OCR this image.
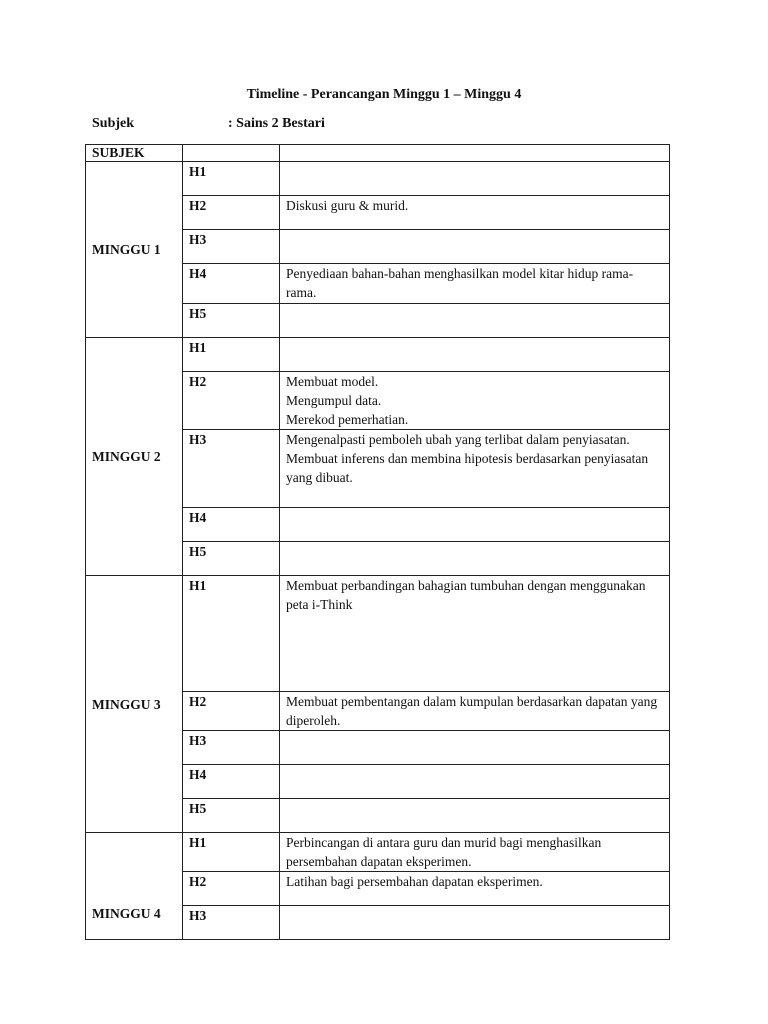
Timeline - Perancangan Minggu 1 – Minggu 4
Subjek	: Sains 2 Bestari
SUBJEK		
MINGGU 1	H1	
	H2	Diskusi guru & murid.
	H3	
	H4	Penyediaan bahan-bahan menghasilkan model kitar hidup rama-rama.
	H5	
MINGGU 2	H1	
	H2	Membuat model.
Mengumpul data.
Merekod pemerhatian.
	H3	Mengenalpasti pemboleh ubah yang terlibat dalam penyiasatan.
Membuat inferens dan membina hipotesis berdasarkan penyiasatan yang dibuat.
	H4	
	H5	
MINGGU 3	H1	Membuat perbandingan bahagian tumbuhan dengan menggunakan peta i-Think
	H2	Membuat pembentangan dalam kumpulan berdasarkan dapatan yang diperoleh.
	H3	
	H4	
	H5	
MINGGU 4	H1	Perbincangan di antara guru dan murid bagi menghasilkan persembahan dapatan eksperimen.
	H2	Latihan bagi persembahan dapatan eksperimen.
	H3	
